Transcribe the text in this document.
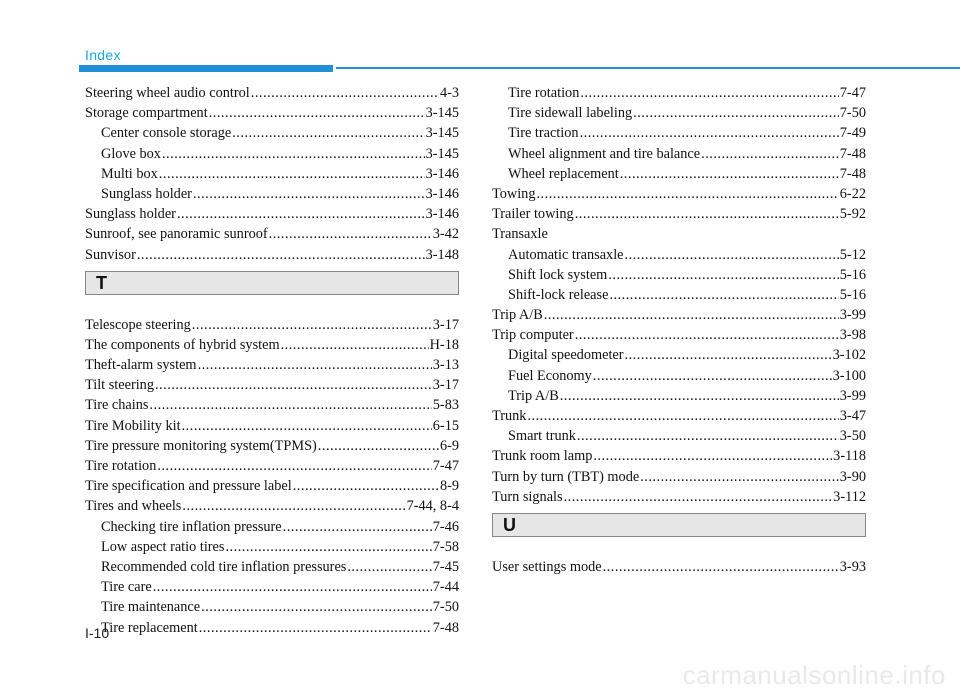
Index
Steering wheel audio control .....	4-3
Storage compartment .....	3-145
Center console storage .....	3-145
Glove box .....	3-145
Multi box .....	3-146
Sunglass holder .....	3-146
Sunglass holder .....	3-146
Sunroof, see panoramic sunroof .....	3-42
Sunvisor .....	3-148
T
Telescope steering .....	3-17
The components of hybrid system .....	H-18
Theft-alarm system .....	3-13
Tilt steering .....	3-17
Tire chains .....	5-83
Tire Mobility kit .....	6-15
Tire pressure monitoring system(TPMS) .....	6-9
Tire rotation .....	7-47
Tire specification and pressure label .....	8-9
Tires and wheels .....	7-44, 8-4
Checking tire inflation pressure .....	7-46
Low aspect ratio tires .....	7-58
Recommended cold tire inflation pressures .....	7-45
Tire care .....	7-44
Tire maintenance .....	7-50
Tire replacement .....	7-48
Tire rotation .....	7-47
Tire sidewall labeling .....	7-50
Tire traction .....	7-49
Wheel alignment and tire balance .....	7-48
Wheel replacement .....	7-48
Towing .....	6-22
Trailer towing .....	5-92
Transaxle
Automatic transaxle .....	5-12
Shift lock system .....	5-16
Shift-lock release .....	5-16
Trip A/B .....	3-99
Trip computer .....	3-98
Digital speedometer .....	3-102
Fuel Economy .....	3-100
Trip A/B .....	3-99
Trunk .....	3-47
Smart trunk .....	3-50
Trunk room lamp .....	3-118
Turn by turn (TBT) mode .....	3-90
Turn signals .....	3-112
U
User settings mode .....	3-93
I-10
carmanualsonline.info
